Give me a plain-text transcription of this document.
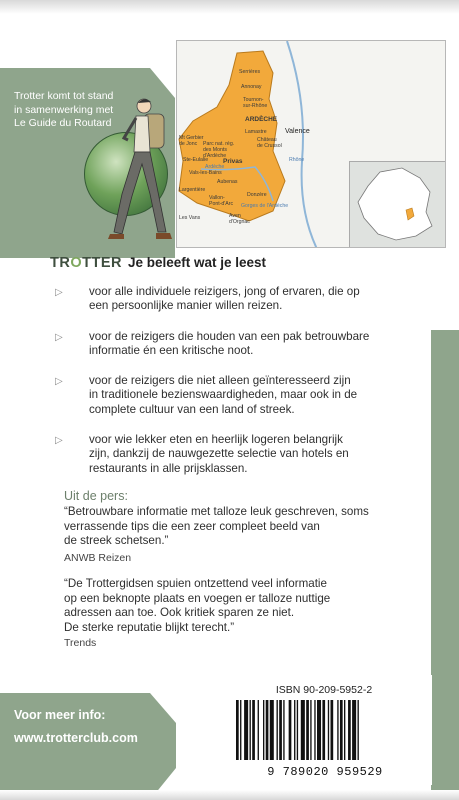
Trotter komt tot stand
in samenwerking met
Le Guide du Routard
Serrières
Annonay
Tournon-
sur-Rhône
ARDÈCHE
Lamastre
Château
de Crussol
Valence
Mt Gerbier
de Jonc Parc nat. rég.
des Monts
d'Ardèche
Ste-Eulalie Privas
Vals-les-Bains
Aubenas
Largentière
Vallon-
Pont-d'Arc
Les Vans
Donzère
Aven
d'Orgnac
Rhône
Ardèche
Gorges de l'Ardèche
TROTTER Je beleeft wat je leest
▷ voor alle individuele reizigers, jong of ervaren, die op
een persoonlijke manier willen reizen.
▷ voor de reizigers die houden van een pak betrouwbare
informatie én een kritische noot.
▷ voor de reizigers die niet alleen geïnteresseerd zijn
in traditionele bezienswaardigheden, maar ook in de
complete cultuur van een land of streek.
▷ voor wie lekker eten en heerlijk logeren belangrijk
zijn, dankzij de nauwgezette selectie van hotels en
restaurants in alle prijsklassen.
Uit de pers:
“Betrouwbare informatie met talloze leuk geschreven, soms
verrassende tips die een zeer compleet beeld van
de streek schetsen.”
ANWB Reizen
“De Trottergidsen spuien ontzettend veel informatie
op een beknopte plaats en voegen er talloze nuttige
adressen aan toe. Ook kritiek sparen ze niet.
De sterke reputatie blijkt terecht.”
Trends
ISBN 90-209-5952-2
9 789020 959529
Voor meer info:
www.trotterclub.com
